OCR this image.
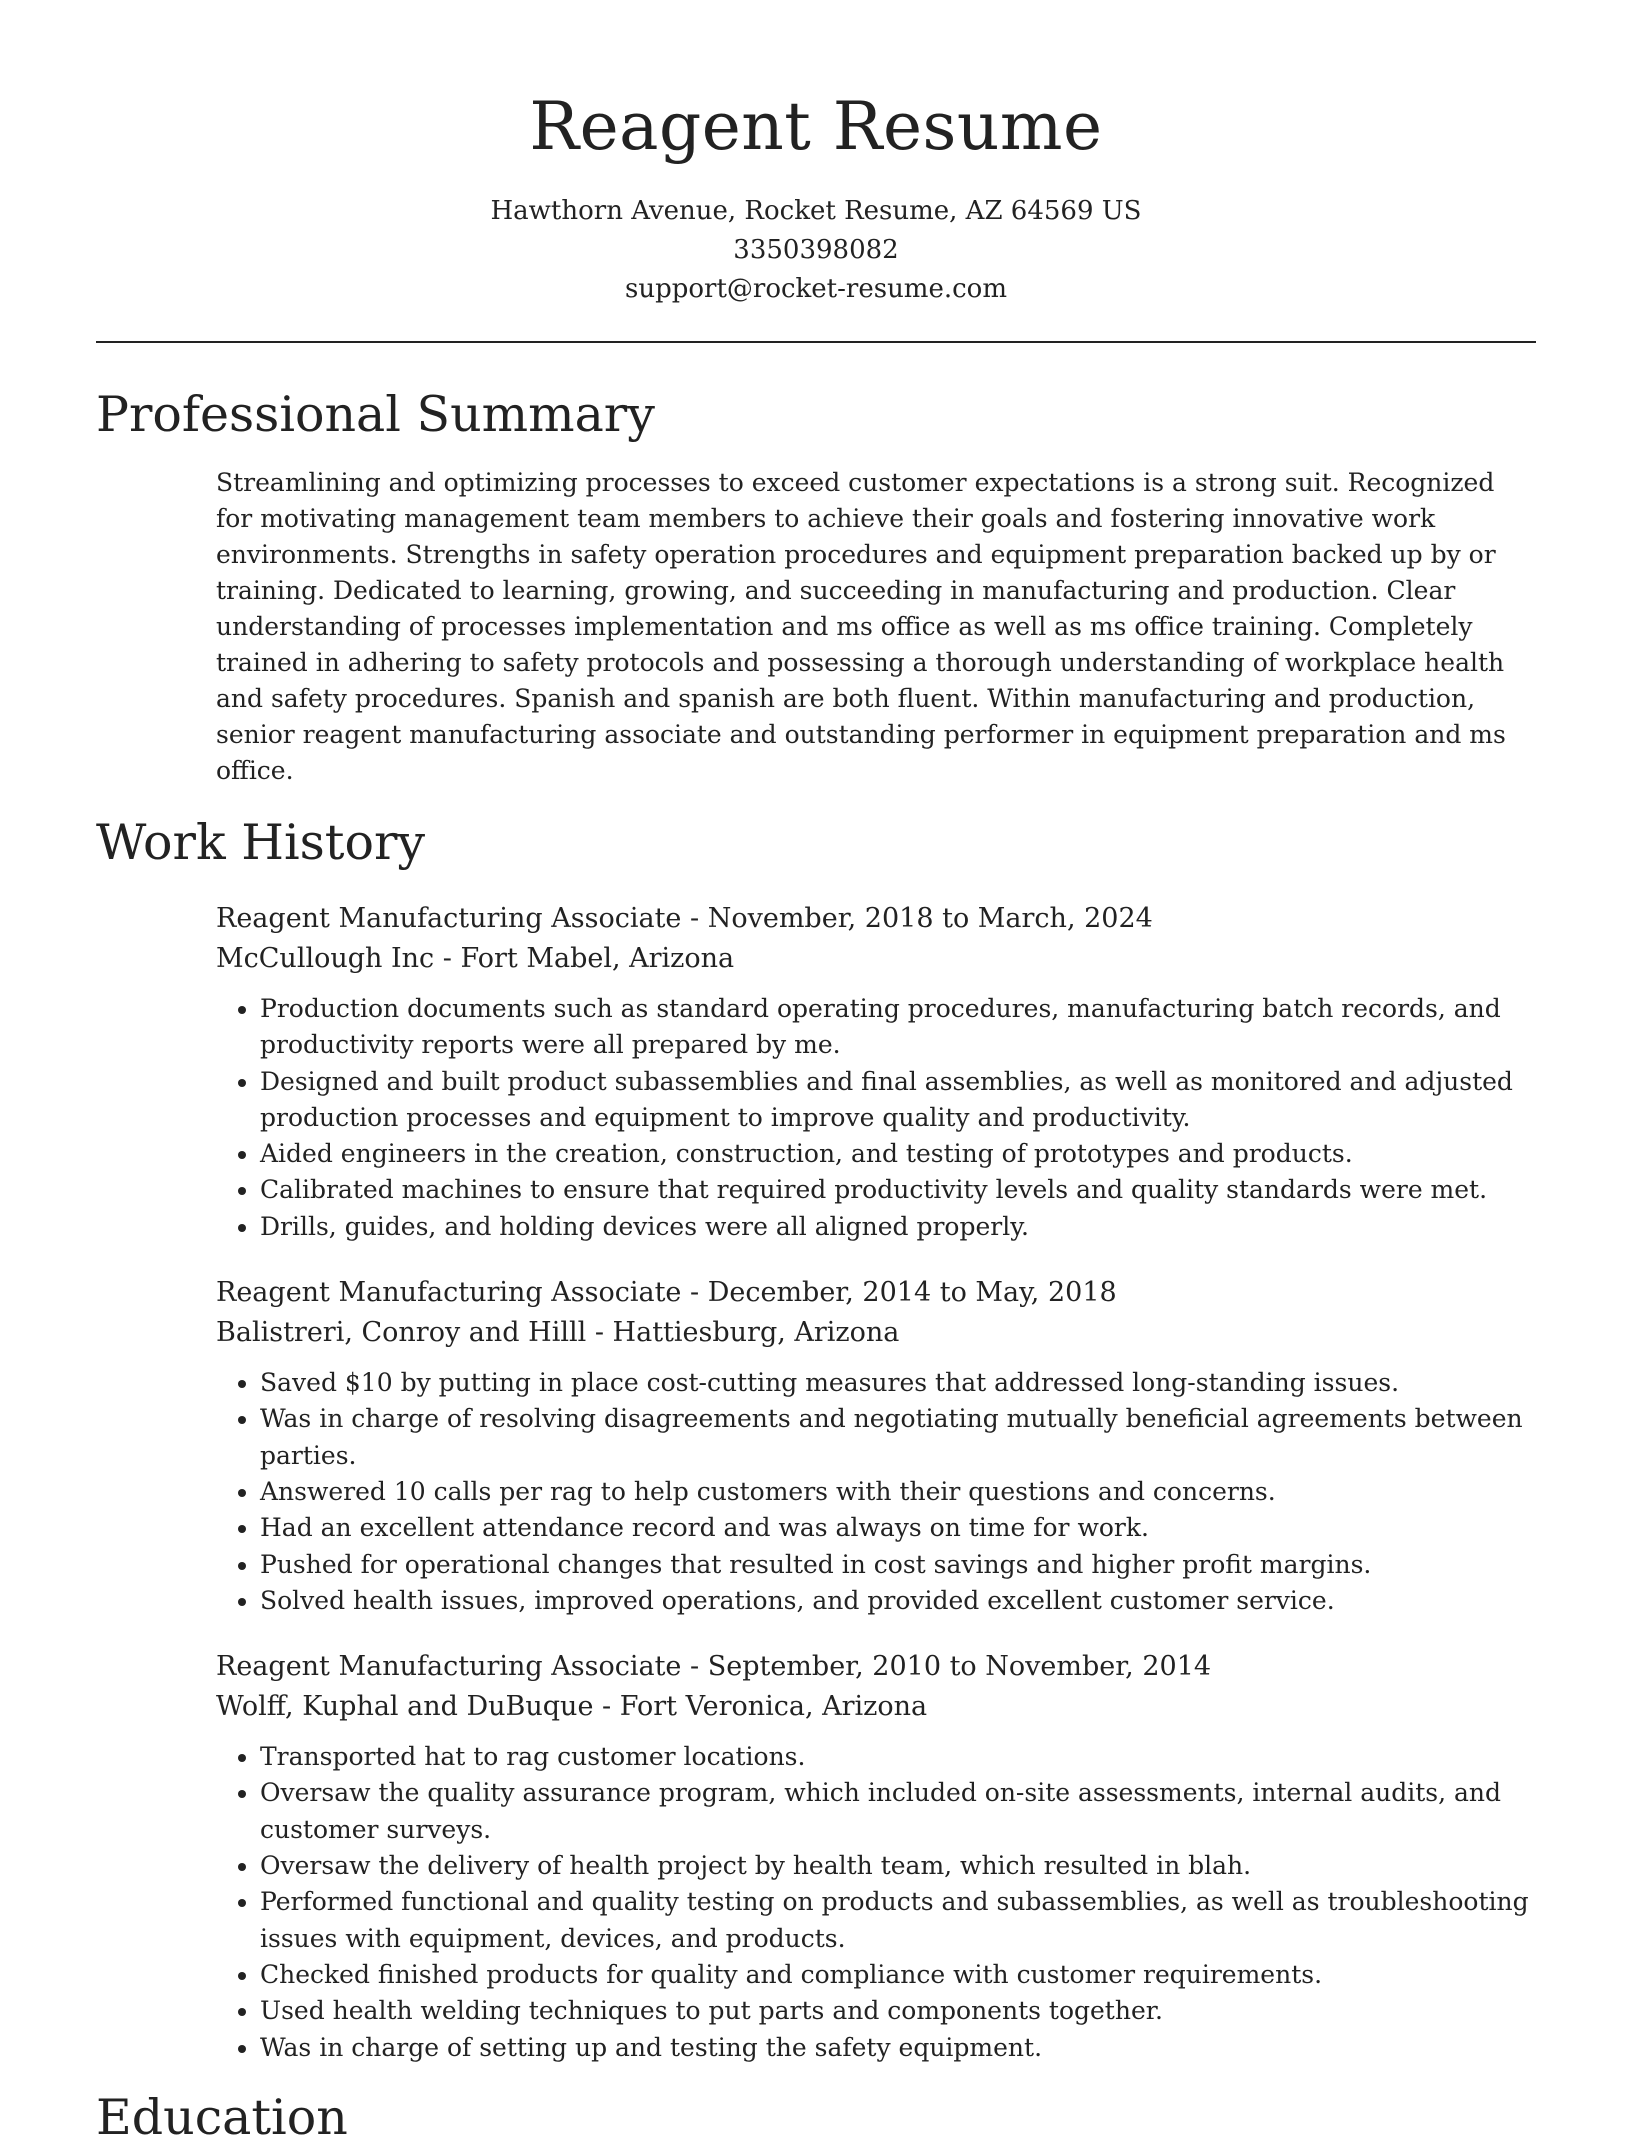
Reagent Resume
Hawthorn Avenue, Rocket Resume, AZ 64569 US
3350398082
support@rocket-resume.com
Professional Summary
Streamlining and optimizing processes to exceed customer expectations is a strong suit. Recognized for motivating management team members to achieve their goals and fostering innovative work environments. Strengths in safety operation procedures and equipment preparation backed up by or training. Dedicated to learning, growing, and succeeding in manufacturing and production. Clear understanding of processes implementation and ms office as well as ms office training. Completely trained in adhering to safety protocols and possessing a thorough understanding of workplace health and safety procedures. Spanish and spanish are both fluent. Within manufacturing and production, senior reagent manufacturing associate and outstanding performer in equipment preparation and ms office.
Work History
Reagent Manufacturing Associate - November, 2018 to March, 2024
McCullough Inc - Fort Mabel, Arizona
• Production documents such as standard operating procedures, manufacturing batch records, and productivity reports were all prepared by me.
• Designed and built product subassemblies and final assemblies, as well as monitored and adjusted production processes and equipment to improve quality and productivity.
• Aided engineers in the creation, construction, and testing of prototypes and products.
• Calibrated machines to ensure that required productivity levels and quality standards were met.
• Drills, guides, and holding devices were all aligned properly.
Reagent Manufacturing Associate - December, 2014 to May, 2018
Balistreri, Conroy and Hilll - Hattiesburg, Arizona
• Saved $10 by putting in place cost-cutting measures that addressed long-standing issues.
• Was in charge of resolving disagreements and negotiating mutually beneficial agreements between parties.
• Answered 10 calls per rag to help customers with their questions and concerns.
• Had an excellent attendance record and was always on time for work.
• Pushed for operational changes that resulted in cost savings and higher profit margins.
• Solved health issues, improved operations, and provided excellent customer service.
Reagent Manufacturing Associate - September, 2010 to November, 2014
Wolff, Kuphal and DuBuque - Fort Veronica, Arizona
• Transported hat to rag customer locations.
• Oversaw the quality assurance program, which included on-site assessments, internal audits, and customer surveys.
• Oversaw the delivery of health project by health team, which resulted in blah.
• Performed functional and quality testing on products and subassemblies, as well as troubleshooting issues with equipment, devices, and products.
• Checked finished products for quality and compliance with customer requirements.
• Used health welding techniques to put parts and components together.
• Was in charge of setting up and testing the safety equipment.
Education
